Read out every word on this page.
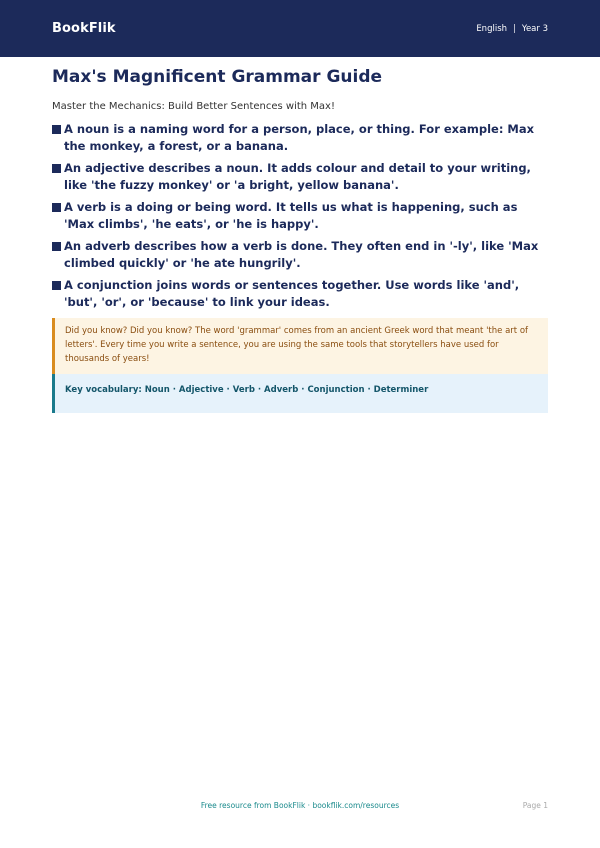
BookFlik	English | Year 3
Max's Magnificent Grammar Guide
Master the Mechanics: Build Better Sentences with Max!
A noun is a naming word for a person, place, or thing. For example: Max the monkey, a forest, or a banana.
An adjective describes a noun. It adds colour and detail to your writing, like 'the fuzzy monkey' or 'a bright, yellow banana'.
A verb is a doing or being word. It tells us what is happening, such as 'Max climbs', 'he eats', or 'he is happy'.
An adverb describes how a verb is done. They often end in '-ly', like 'Max climbed quickly' or 'he ate hungrily'.
A conjunction joins words or sentences together. Use words like 'and', 'but', 'or', or 'because' to link your ideas.
Did you know? Did you know? The word 'grammar' comes from an ancient Greek word that meant 'the art of letters'. Every time you write a sentence, you are using the same tools that storytellers have used for thousands of years!
Key vocabulary: Noun · Adjective · Verb · Adverb · Conjunction · Determiner
Free resource from BookFlik · bookflik.com/resources	Page 1
